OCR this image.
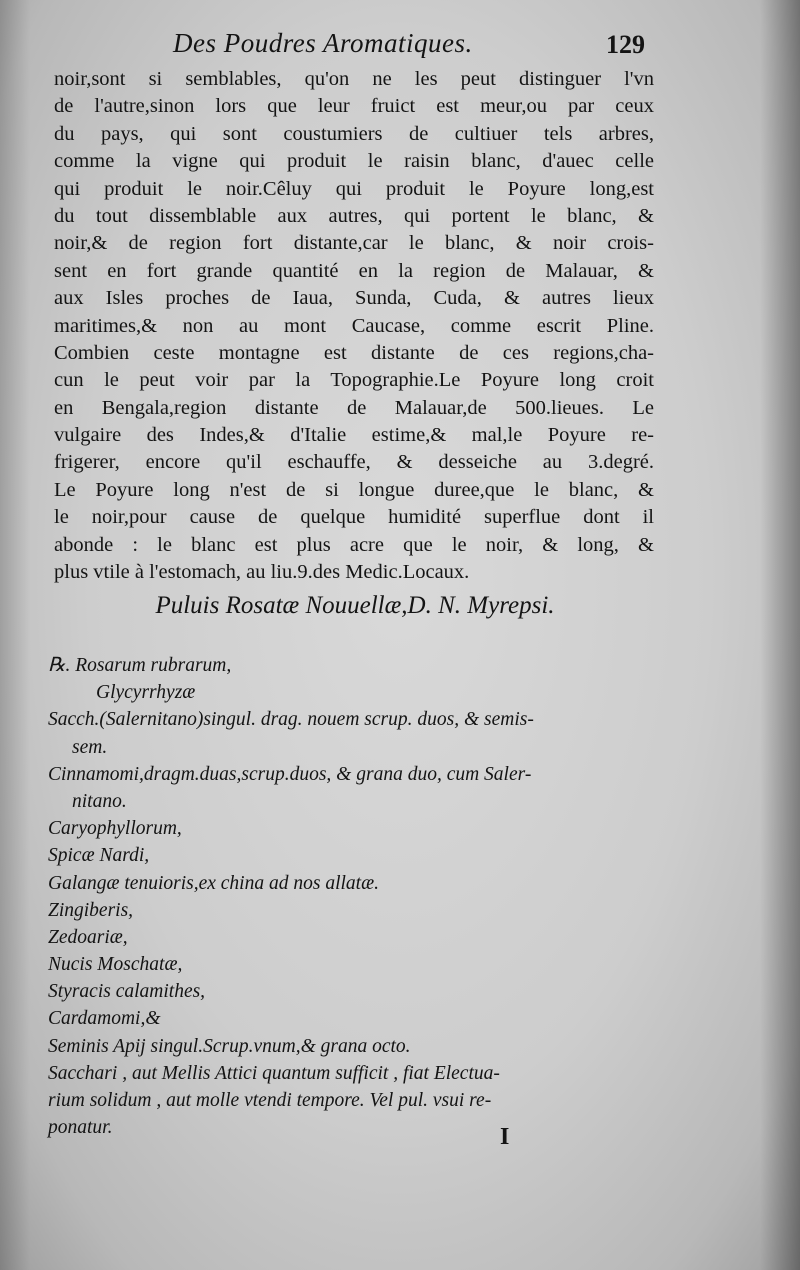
Des Poudres Aromatiques.	129
noir,sont si semblables, qu'on ne les peut distinguer l'vn
de l'autre,sinon lors que leur fruict est meur,ou par ceux
du pays, qui sont coustumiers de cultiuer tels arbres,
comme la vigne qui produit le raisin blanc, d'auec celle
qui produit le noir.Cêluy qui produit le Poyure long,est
du tout dissemblable aux autres, qui portent le blanc, &
noir,& de region fort distante,car le blanc, & noir crois-
sent en fort grande quantité en la region de Malauar, &
aux Isles proches de Iaua, Sunda, Cuda, & autres lieux
maritimes,& non au mont Caucase, comme escrit Pline.
Combien ceste montagne est distante de ces regions,cha-
cun le peut voir par la Topographie.Le Poyure long croit
en Bengala,region distante de Malauar,de 500.lieues. Le
vulgaire des Indes,& d'Italie estime,& mal,le Poyure re-
frigerer, encore qu'il eschauffe, & desseiche au 3.degré.
Le Poyure long n'est de si longue duree,que le blanc, &
le noir,pour cause de quelque humidité superflue dont il
abonde : le blanc est plus acre que le noir, & long, &
plus vtile à l'estomach, au liu.9.des Medic.Locaux.
Puluis Rosatæ Nouuellæ,D. N. Myrepsi.
℞. Rosarum rubrarum,
Glycyrrhyzæ
Sacch.(Salernitano)singul. drag. nouem scrup. duos, & semis-
sem.
Cinnamomi,dragm.duas,scrup.duos, & grana duo, cum Saler-
nitano.
Caryophyllorum,
Spicæ Nardi,
Galangæ tenuioris,ex china ad nos allatæ.
Zingiberis,
Zedoariæ,
Nucis Moschatæ,
Styracis calamithes,
Cardamomi,&
Seminis Apij singul.Scrup.vnum,& grana octo.
Sacchari , aut Mellis Attici quantum sufficit , fiat Electua-
rium solidum , aut molle vtendi tempore. Vel pul. vsui re-
ponatur.	I
